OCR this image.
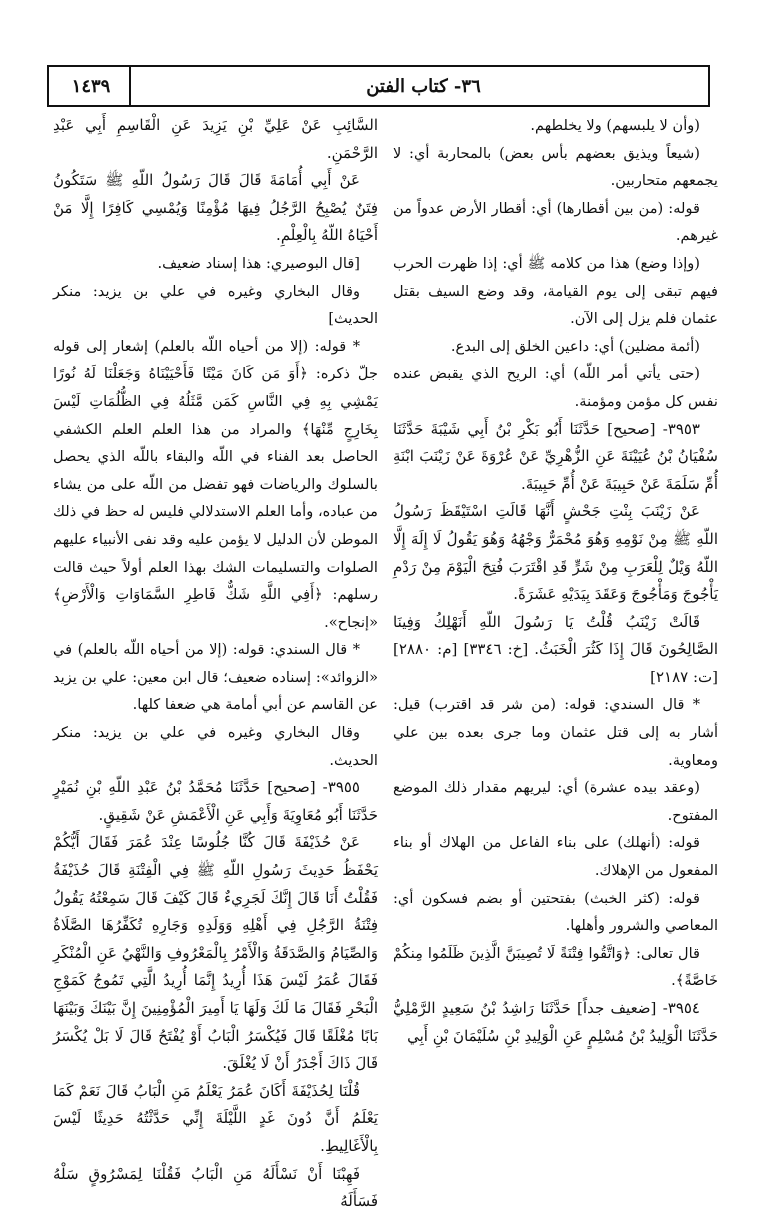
١٤٣٩	٣٦- كتاب الفتن

(وأن لا يلبسهم) ولا يخلطهم.

(شيعاً ويذيق بعضهم بأس بعض) بالمحاربة أي: لا يجمعهم متحاربين.

قوله: (من بين أقطارها) أي: أقطار الأرض عدواً من غيرهم.

(وإذا وضع) هذا من كلامه ﷺ أي: إذا ظهرت الحرب فيهم تبقى إلى يوم القيامة، وقد وضع السيف بقتل عثمان فلم يزل إلى الآن.

(أئمة مضلين) أي: داعين الخلق إلى البدع.

(حتى يأتي أمر اللّه) أي: الريح الذي يقبض عنده نفس كل مؤمن ومؤمنة.

٣٩٥٣- [صحيح] حَدَّثَنَا أَبُو بَكْرِ بْنُ أَبِي شَيْبَةَ حَدَّثَنَا سُفْيَانُ بْنُ عُيَيْنَةَ عَنِ الزُّهْرِيِّ عَنْ عُرْوَةَ عَنْ زَيْنَبَ ابْنَةِ أُمِّ سَلَمَةَ عَنْ حَبِيبَةَ عَنْ أُمِّ حَبِيبَةَ.

عَنْ زَيْنَبَ بِنْتِ جَحْشٍ أَنَّهَا قَالَتِ اسْتَيْقَظَ رَسُولُ اللّهِ ﷺ مِنْ نَوْمِهِ وَهُوَ مُحْمَرٌّ وَجْهُهُ وَهُوَ يَقُولُ لَا إِلَهَ إِلَّا اللّهُ وَيْلٌ لِلْعَرَبِ مِنْ شَرٍّ قَدِ اقْتَرَبَ فُتِحَ الْيَوْمَ مِنْ رَدْمِ يَأْجُوجَ وَمَأْجُوجَ وَعَقَدَ بِيَدَيْهِ عَشَرَةً.

قَالَتْ زَيْنَبُ قُلْتُ يَا رَسُولَ اللّهِ أَنَهْلِكُ وَفِينَا الصَّالِحُونَ قَالَ إِذَا كَثُرَ الْخَبَثُ. [خ: ٣٣٤٦] [م: ٢٨٨٠] [ت: ٢١٨٧]

* قال السندي: قوله: (من شر قد اقترب) قيل: أشار به إلى قتل عثمان وما جرى بعده بين علي ومعاوية.

(وعقد بيده عشرة) أي: ليريهم مقدار ذلك الموضع المفتوح.

قوله: (أنهلك) على بناء الفاعل من الهلاك أو بناء المفعول من الإهلاك.

قوله: (كثر الخبث) بفتحتين أو بضم فسكون أي: المعاصي والشرور وأهلها.

قال تعالى: ﴿وَاتَّقُوا فِتْنَةً لَا تُصِيبَنَّ الَّذِينَ ظَلَمُوا مِنكُمْ خَاصَّةً﴾.

٣٩٥٤- [ضعيف جداً] حَدَّثَنَا رَاشِدُ بْنُ سَعِيدٍ الرَّمْلِيُّ حَدَّثَنَا الْوَلِيدُ بْنُ مُسْلِمٍ عَنِ الْوَلِيدِ بْنِ سُلَيْمَانَ بْنِ أَبِي

السَّائِبِ عَنْ عَلِيِّ بْنِ يَزِيدَ عَنِ الْقَاسِمِ أَبِي عَبْدِ الرَّحْمَنِ.

عَنْ أَبِي أُمَامَةَ قَالَ قَالَ رَسُولُ اللّهِ ﷺ سَتَكُونُ فِتَنٌ يُصْبِحُ الرَّجُلُ فِيهَا مُؤْمِنًا وَيُمْسِي كَافِرًا إِلَّا مَنْ أَحْيَاهُ اللّهُ بِالْعِلْمِ.

[قال البوصيري: هذا إسناد ضعيف.

وقال البخاري وغيره في علي بن يزيد: منكر الحديث]

* قوله: (إلا من أحياه اللّه بالعلم) إشعار إلى قوله جلّ ذكره: ﴿أَوَ مَن كَانَ مَيْتًا فَأَحْيَيْنَاهُ وَجَعَلْنَا لَهُ نُورًا يَمْشِي بِهِ فِي النَّاسِ كَمَن مَّثَلُهُ فِي الظُّلُمَاتِ لَيْسَ بِخَارِجٍ مِّنْهَا﴾ والمراد من هذا العلم العلم الكشفي الحاصل بعد الفناء في اللّه والبقاء باللّه الذي يحصل بالسلوك والرياضات فهو تفضل من اللّه على من يشاء من عباده، وأما العلم الاستدلالي فليس له حظ في ذلك الموطن لأن الدليل لا يؤمن عليه وقد نفى الأنبياء عليهم الصلوات والتسليمات الشك بهذا العلم أولاً حيث قالت رسلهم: ﴿أَفِي اللَّهِ شَكٌّ فَاطِرِ السَّمَاوَاتِ وَالْأَرْضِ﴾ «إنجاح».

* قال السندي: قوله: (إلا من أحياه اللّه بالعلم) في «الزوائد»: إسناده ضعيف؛ قال ابن معين: علي بن يزيد عن القاسم عن أبي أمامة هي ضعفا كلها.

وقال البخاري وغيره في علي بن يزيد: منكر الحديث.

٣٩٥٥- [صحيح] حَدَّثَنَا مُحَمَّدُ بْنُ عَبْدِ اللّهِ بْنِ نُمَيْرٍ حَدَّثَنَا أَبُو مُعَاوِيَةَ وَأَبِي عَنِ الْأَعْمَشِ عَنْ شَقِيقٍ.

عَنْ حُذَيْفَةَ قَالَ كُنَّا جُلُوسًا عِنْدَ عُمَرَ فَقَالَ أَيُّكُمْ يَحْفَظُ حَدِيثَ رَسُولِ اللّهِ ﷺ فِي الْفِتْنَةِ قَالَ حُذَيْفَةُ فَقُلْتُ أَنَا قَالَ إِنَّكَ لَجَرِيءٌ قَالَ كَيْفَ قَالَ سَمِعْتُهُ يَقُولُ فِتْنَةُ الرَّجُلِ فِي أَهْلِهِ وَوَلَدِهِ وَجَارِهِ تُكَفِّرُهَا الصَّلَاةُ وَالصِّيَامُ وَالصَّدَقَةُ وَالْأَمْرُ بِالْمَعْرُوفِ وَالنَّهْيُ عَنِ الْمُنْكَرِ فَقَالَ عُمَرُ لَيْسَ هَذَا أُرِيدُ إِنَّمَا أُرِيدُ الَّتِي تَمُوجُ كَمَوْجِ الْبَحْرِ فَقَالَ مَا لَكَ وَلَهَا يَا أَمِيرَ الْمُؤْمِنِينَ إِنَّ بَيْنَكَ وَبَيْنَهَا بَابًا مُغْلَقًا قَالَ فَيُكْسَرُ الْبَابُ أَوْ يُفْتَحُ قَالَ لَا بَلْ يُكْسَرُ قَالَ ذَاكَ أَجْدَرُ أَنْ لَا يُغْلَقَ.

قُلْنَا لِحُذَيْفَةَ أَكَانَ عُمَرُ يَعْلَمُ مَنِ الْبَابُ قَالَ نَعَمْ كَمَا يَعْلَمُ أَنَّ دُونَ غَدٍ اللَّيْلَةَ إِنِّي حَدَّثْتُهُ حَدِيثًا لَيْسَ بِالْأَغَالِيطِ.

فَهِبْنَا أَنْ نَسْأَلَهُ مَنِ الْبَابُ فَقُلْنَا لِمَسْرُوقٍ سَلْهُ فَسَأَلَهُ
